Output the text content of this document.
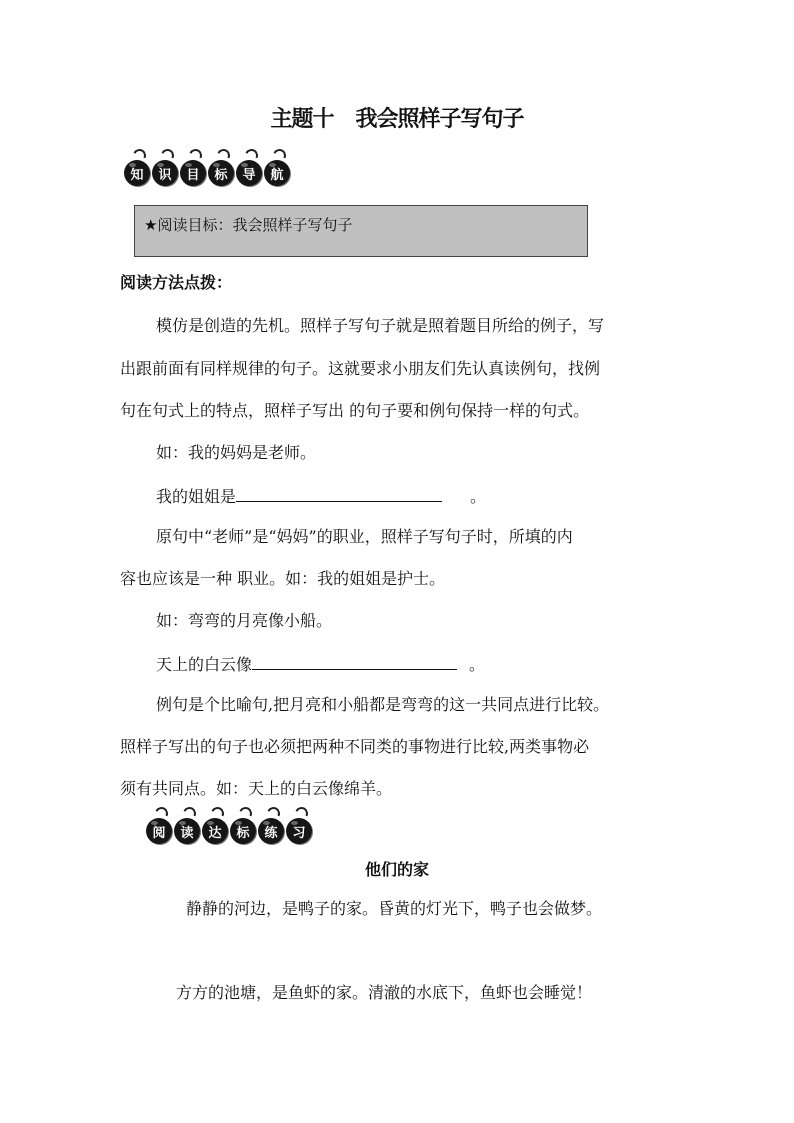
主题十 我会照样子写句子
知	识	目	标	导	航
★阅读目标：我会照样子写句子
阅读方法点拨：
模仿是创造的先机。照样子写句子就是照着题目所给的例子，写
出跟前面有同样规律的句子。这就要求小朋友们先认真读例句，找例
句在句式上的特点，照样子写出 的句子要和例句保持一样的句式。
如：我的妈妈是老师。
我的姐姐是	。
原句中“老师”是“妈妈”的职业，照样子写句子时，所填的内
容也应该是一种 职业。如：我的姐姐是护士。
如：弯弯的月亮像小船。
天上的白云像	。
例句是个比喻句,把月亮和小船都是弯弯的这一共同点进行比较。
照样子写出的句子也必须把两种不同类的事物进行比较,两类事物必
须有共同点。如：天上的白云像绵羊。
阅	读	达	标	练	习
他们的家
静静的河边，是鸭子的家。昏黄的灯光下，鸭子也会做梦。
方方的池塘，是鱼虾的家。清澈的水底下，鱼虾也会睡觉！
